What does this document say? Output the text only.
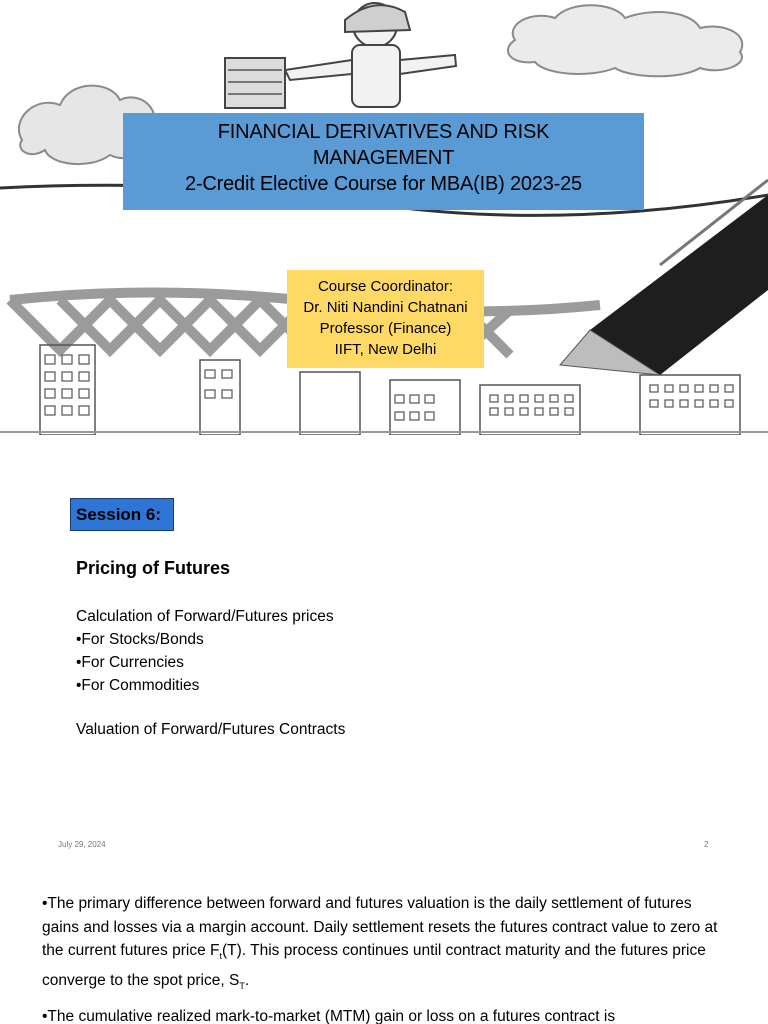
FINANCIAL DERIVATIVES AND RISK
MANAGEMENT
2-Credit Elective Course for MBA(IB) 2023-25
Course Coordinator:
Dr. Niti Nandini Chatnani
Professor (Finance)
IIFT, New Delhi
Session 6:
Pricing of Futures
Calculation of Forward/Futures prices
•For Stocks/Bonds
•For Currencies
•For Commodities
Valuation of Forward/Futures Contracts
July 29, 2024	2
•The primary difference between forward and futures valuation is the daily settlement of futures gains and losses via a margin account. Daily settlement resets the futures contract value to zero at the current futures price $F_t(T)$. This process continues until contract maturity and the futures price converge to the spot price, $S_T$.
•The cumulative realized mark-to-market (MTM) gain or loss on a futures contract is
